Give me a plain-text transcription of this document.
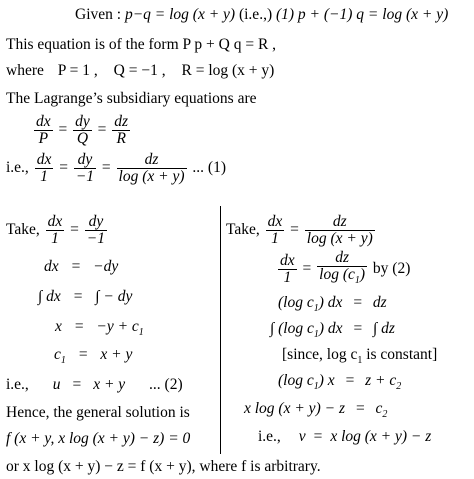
Given : p−q = log (x + y) (i.e.,) (1) p + (−1) q = log (x + y)
This equation is of the form P p + Q q = R ,
where P = 1 , Q = −1 , R = log (x + y)
The Lagrange’s subsidiary equations are
$\frac{dx}{P} = \frac{dy}{Q} = \frac{dz}{R}$
i.e., $\frac{dx}{1} = \frac{dy}{-1} = \frac{dz}{\log (x + y)}$ ... (1)
Take, $\frac{dx}{1} = \frac{dy}{-1}$
dx = −dy
∫ dx = ∫ − dy
$x = -y + c_1$
$c_1 = x + y$
i.e., u = x + y ... (2)
Hence, the general solution is
f (x + y, x log (x + y) − z) = 0
Take, $\frac{dx}{1} = \frac{dz}{\log (x + y)}$
$\frac{dx}{1} = \frac{dz}{\log (c_1)}$ by (2)
(log $c_1$) dx = dz
∫ (log $c_1$) dx = ∫ dz
[since, $\log c_1$ is constant]
(log $c_1$) $x = z + c_2$
x $\log (x + y) - z = c_2$
i.e., v = x log (x + y) − z
or x log (x + y) − z = f (x + y), where f is arbitrary.
